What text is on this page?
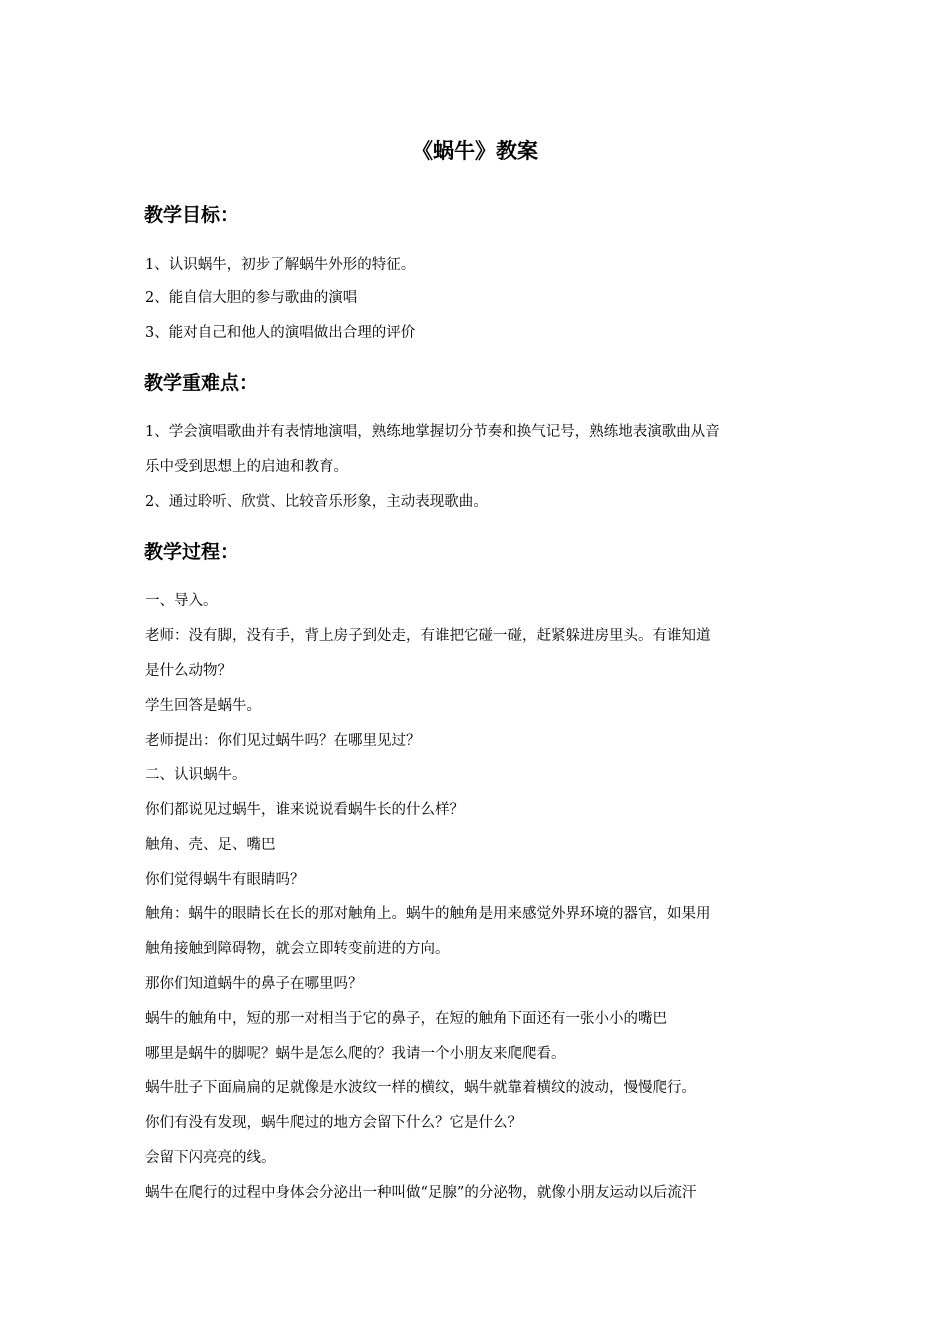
《蜗牛》教案
教学目标：
1、认识蜗牛，初步了解蜗牛外形的特征。
2、能自信大胆的参与歌曲的演唱
3、能对自己和他人的演唱做出合理的评价
教学重难点：
1、学会演唱歌曲并有表情地演唱，熟练地掌握切分节奏和换气记号，熟练地表演歌曲从音
乐中受到思想上的启迪和教育。
2、通过聆听、欣赏、比较音乐形象，主动表现歌曲。
教学过程：
一、导入。
老师：没有脚，没有手，背上房子到处走，有谁把它碰一碰，赶紧躲进房里头。有谁知道
是什么动物？
学生回答是蜗牛。
老师提出：你们见过蜗牛吗？在哪里见过？
二、认识蜗牛。
你们都说见过蜗牛，谁来说说看蜗牛长的什么样？
触角、壳、足、嘴巴
你们觉得蜗牛有眼睛吗？
触角：蜗牛的眼睛长在长的那对触角上。蜗牛的触角是用来感觉外界环境的器官，如果用
触角接触到障碍物，就会立即转变前进的方向。
那你们知道蜗牛的鼻子在哪里吗？
蜗牛的触角中，短的那一对相当于它的鼻子，在短的触角下面还有一张小小的嘴巴
哪里是蜗牛的脚呢？蜗牛是怎么爬的？我请一个小朋友来爬爬看。
蜗牛肚子下面扁扁的足就像是水波纹一样的横纹，蜗牛就靠着横纹的波动，慢慢爬行。
你们有没有发现，蜗牛爬过的地方会留下什么？它是什么？
会留下闪亮亮的线。
蜗牛在爬行的过程中身体会分泌出一种叫做“足腺”的分泌物，就像小朋友运动以后流汗
